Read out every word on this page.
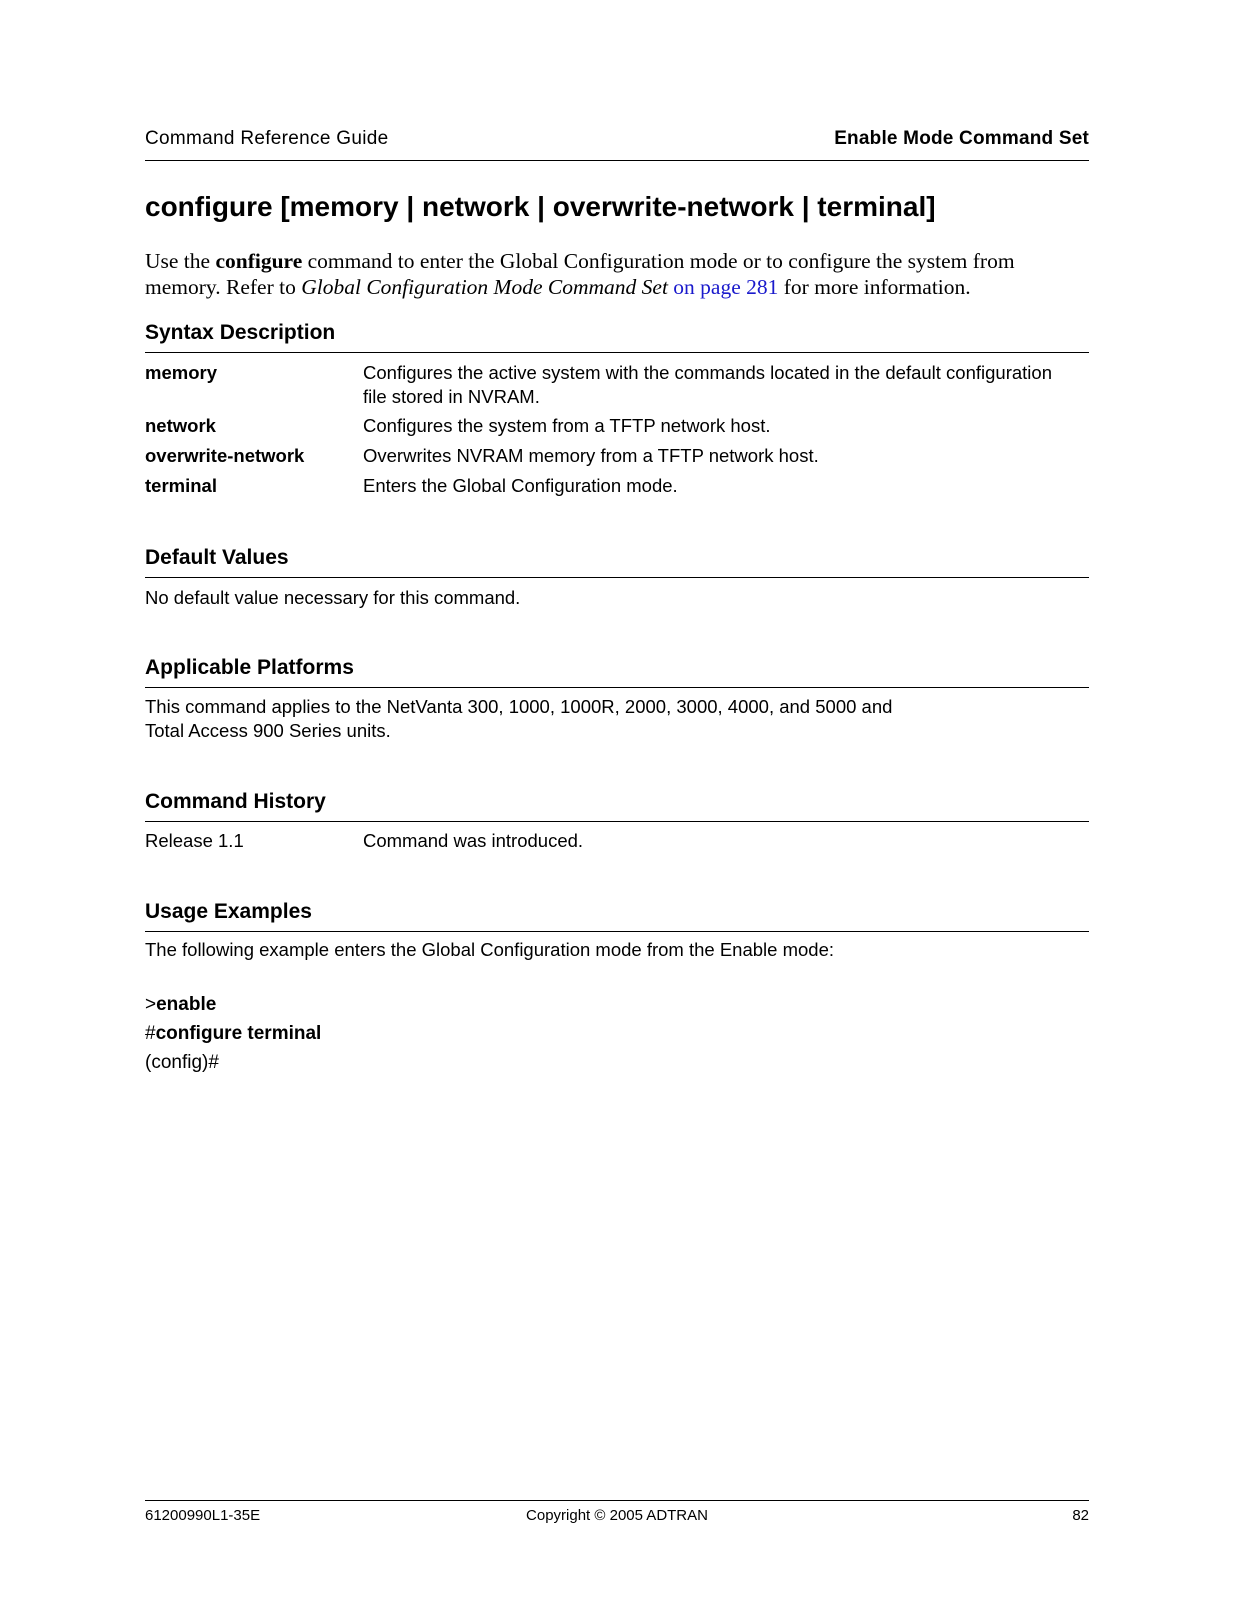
Command Reference Guide	Enable Mode Command Set
configure [memory | network | overwrite-network | terminal]
Use the configure command to enter the Global Configuration mode or to configure the system from memory. Refer to Global Configuration Mode Command Set on page 281 for more information.
Syntax Description
memory	Configures the active system with the commands located in the default configuration file stored in NVRAM.
network	Configures the system from a TFTP network host.
overwrite-network	Overwrites NVRAM memory from a TFTP network host.
terminal	Enters the Global Configuration mode.
Default Values
No default value necessary for this command.
Applicable Platforms
This command applies to the NetVanta 300, 1000, 1000R, 2000, 3000, 4000, and 5000 and
Total Access 900 Series units.
Command History
Release 1.1	Command was introduced.
Usage Examples
The following example enters the Global Configuration mode from the Enable mode:
>enable
#configure terminal
(config)#
61200990L1-35E	Copyright © 2005 ADTRAN	82
